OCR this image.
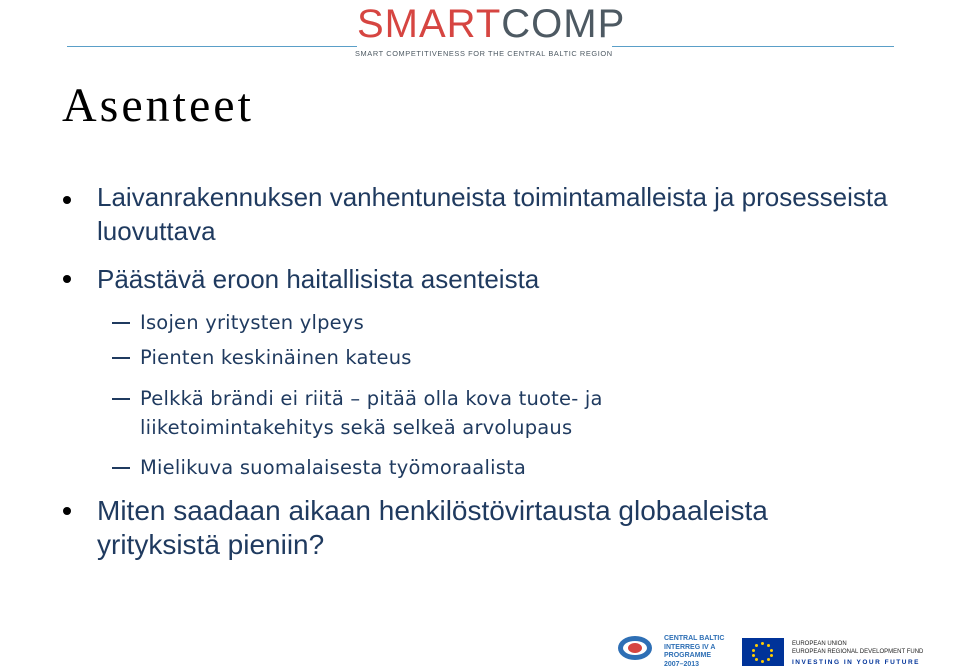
SMARTCOMP
SMART COMPETITIVENESS FOR THE CENTRAL BALTIC REGION
Asenteet
Laivanrakennuksen vanhentuneista toimintamalleista ja prosesseista luovuttava
Päästävä eroon haitallisista asenteista
Isojen yritysten ylpeys
Pienten keskinäinen kateus
Pelkkä brändi ei riitä – pitää olla kova tuote- ja liiketoimintakehitys sekä selkeä arvolupaus
Mielikuva suomalaisesta työmoraalista
Miten saadaan aikaan henkilöstövirtausta globaaleista yrityksistä pieniin?
CENTRAL BALTIC
INTERREG IV A
PROGRAMME
2007–2013
EUROPEAN UNION
EUROPEAN REGIONAL DEVELOPMENT FUND
INVESTING IN YOUR FUTURE
